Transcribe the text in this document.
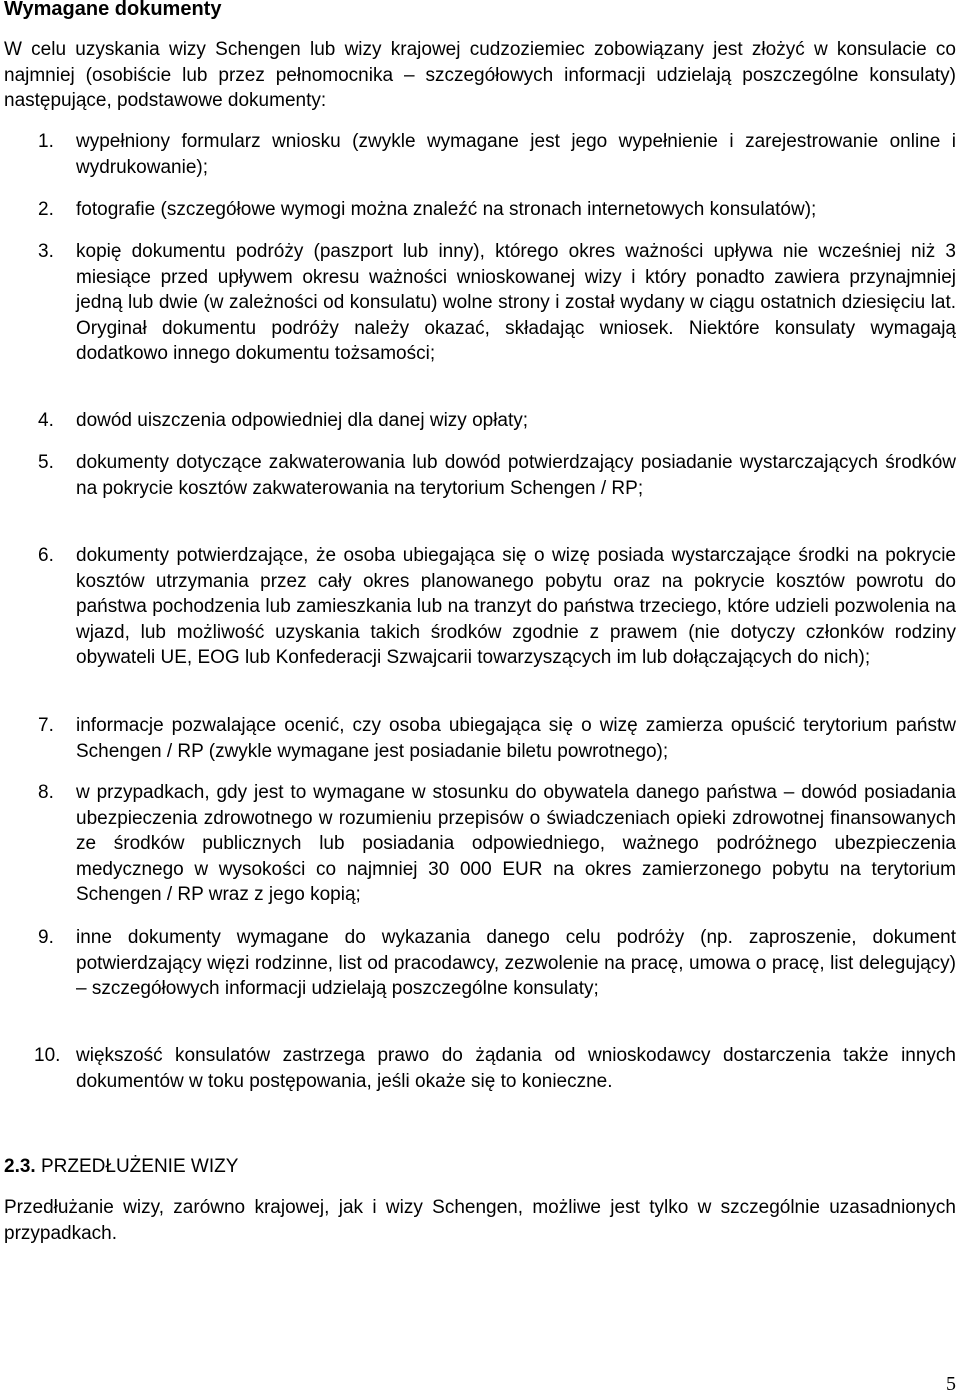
Wymagane dokumenty

W celu uzyskania wizy Schengen lub wizy krajowej cudzoziemiec zobowiązany jest złożyć w konsulacie co najmniej (osobiście lub przez pełnomocnika – szczegółowych informacji udzielają poszczególne konsulaty) następujące, podstawowe dokumenty:

1.	wypełniony formularz wniosku (zwykle wymagane jest jego wypełnienie i zarejestrowanie online i wydrukowanie);
2.	fotografie (szczegółowe wymogi można znaleźć na stronach internetowych konsulatów);
3.	kopię dokumentu podróży (paszport lub inny), którego okres ważności upływa nie wcześniej niż 3 miesiące przed upływem okresu ważności wnioskowanej wizy i który ponadto zawiera przynajmniej jedną lub dwie (w zależności od konsulatu) wolne strony i został wydany w ciągu ostatnich dziesięciu lat. Oryginał dokumentu podróży należy okazać, składając wniosek. Niektóre konsulaty wymagają dodatkowo innego dokumentu tożsamości;
4.	dowód uiszczenia odpowiedniej dla danej wizy opłaty;
5.	dokumenty dotyczące zakwaterowania lub dowód potwierdzający posiadanie wystarczających środków na pokrycie kosztów zakwaterowania na terytorium Schengen / RP;
6.	dokumenty potwierdzające, że osoba ubiegająca się o wizę posiada wystarczające środki na pokrycie kosztów utrzymania przez cały okres planowanego pobytu oraz na pokrycie kosztów powrotu do państwa pochodzenia lub zamieszkania lub na tranzyt do państwa trzeciego, które udzieli pozwolenia na wjazd, lub możliwość uzyskania takich środków zgodnie z prawem (nie dotyczy członków rodziny obywateli UE, EOG lub Konfederacji Szwajcarii towarzyszących im lub dołączających do nich);
7.	informacje pozwalające ocenić, czy osoba ubiegająca się o wizę zamierza opuścić terytorium państw Schengen / RP (zwykle wymagane jest posiadanie biletu powrotnego);
8.	w przypadkach, gdy jest to wymagane w stosunku do obywatela danego państwa – dowód posiadania ubezpieczenia zdrowotnego w rozumieniu przepisów o świadczeniach opieki zdrowotnej finansowanych ze środków publicznych lub posiadania odpowiedniego, ważnego podróżnego ubezpieczenia medycznego w wysokości co najmniej 30 000 EUR na okres zamierzonego pobytu na terytorium Schengen / RP wraz z jego kopią;
9.	inne dokumenty wymagane do wykazania danego celu podróży (np. zaproszenie, dokument potwierdzający więzi rodzinne, list od pracodawcy, zezwolenie na pracę, umowa o pracę, list delegujący) – szczegółowych informacji udzielają poszczególne konsulaty;
10. większość konsulatów zastrzega prawo do żądania od wnioskodawcy dostarczenia także innych dokumentów w toku postępowania, jeśli okaże się to konieczne.
2.3. PRZEDŁUŻENIE WIZY

Przedłużanie wizy, zarówno krajowej, jak i wizy Schengen, możliwe jest tylko w szczególnie uzasadnionych przypadkach.

5
